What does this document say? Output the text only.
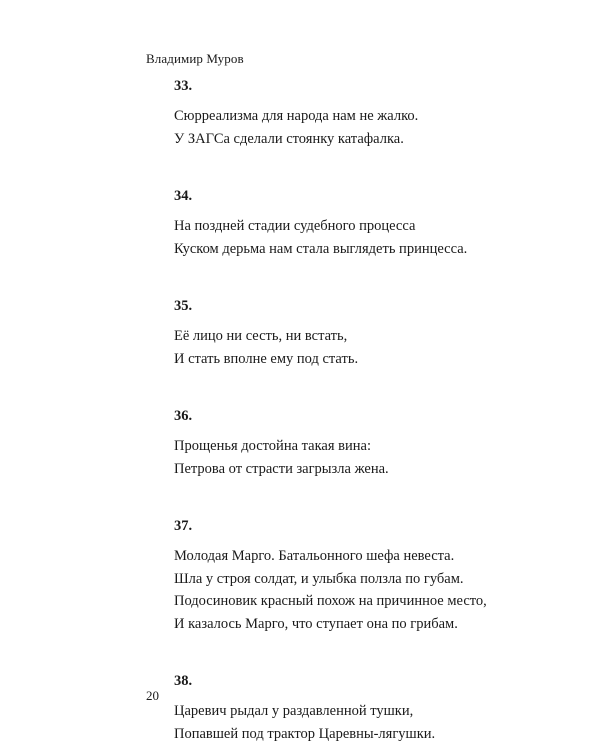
Владимир Муров
33.
Сюрреализма для народа нам не жалко.
У ЗАГСа сделали стоянку катафалка.
34.
На поздней стадии судебного процесса
Куском дерьма нам стала выглядеть принцесса.
35.
Её лицо ни сесть, ни встать,
И стать вполне ему под стать.
36.
Прощенья достойна такая вина:
Петрова от страсти загрызла жена.
37.
Молодая Марго. Батальонного шефа невеста.
Шла у строя солдат, и улыбка ползла по губам.
Подосиновик красный похож на причинное место,
И казалось Марго, что ступает она по грибам.
38.
Царевич рыдал у раздавленной тушки,
Попавшей под трактор Царевны-лягушки.
20
